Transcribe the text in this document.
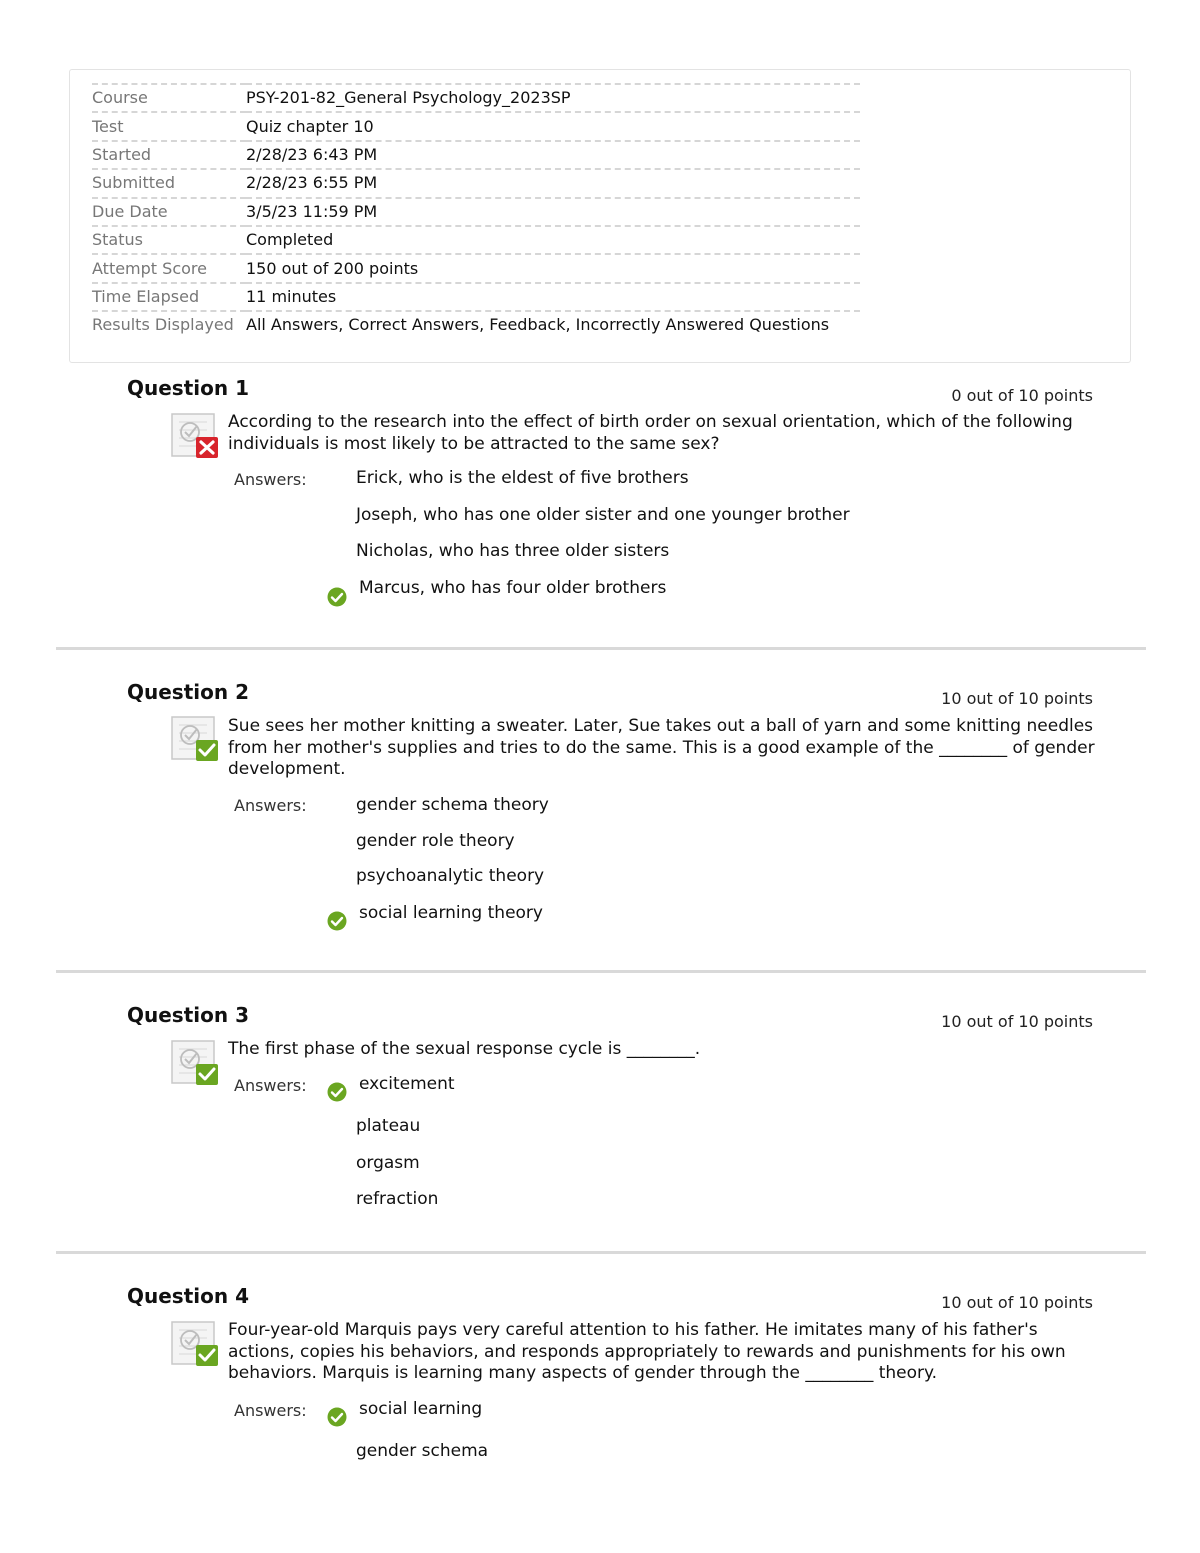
Course	PSY-201-82_General Psychology_2023SP
Test	Quiz chapter 10
Started	2/28/23 6:43 PM
Submitted	2/28/23 6:55 PM
Due Date	3/5/23 11:59 PM
Status	Completed
Attempt Score	150 out of 200 points
Time Elapsed	11 minutes
Results Displayed	All Answers, Correct Answers, Feedback, Incorrectly Answered Questions
Question 1	0 out of 10 points
According to the research into the effect of birth order on sexual orientation, which of the following individuals is most likely to be attracted to the same sex?
Answers:	Erick, who is the eldest of five brothers
Joseph, who has one older sister and one younger brother
Nicholas, who has three older sisters
Marcus, who has four older brothers
Question 2	10 out of 10 points
Sue sees her mother knitting a sweater. Later, Sue takes out a ball of yarn and some knitting needles from her mother's supplies and tries to do the same. This is a good example of the ________ of gender development.
Answers:	gender schema theory
gender role theory
psychoanalytic theory
social learning theory
Question 3	10 out of 10 points
The first phase of the sexual response cycle is ________.
Answers:	excitement
plateau
orgasm
refraction
Question 4	10 out of 10 points
Four-year-old Marquis pays very careful attention to his father. He imitates many of his father's actions, copies his behaviors, and responds appropriately to rewards and punishments for his own behaviors. Marquis is learning many aspects of gender through the ________ theory.
Answers:	social learning
gender schema
